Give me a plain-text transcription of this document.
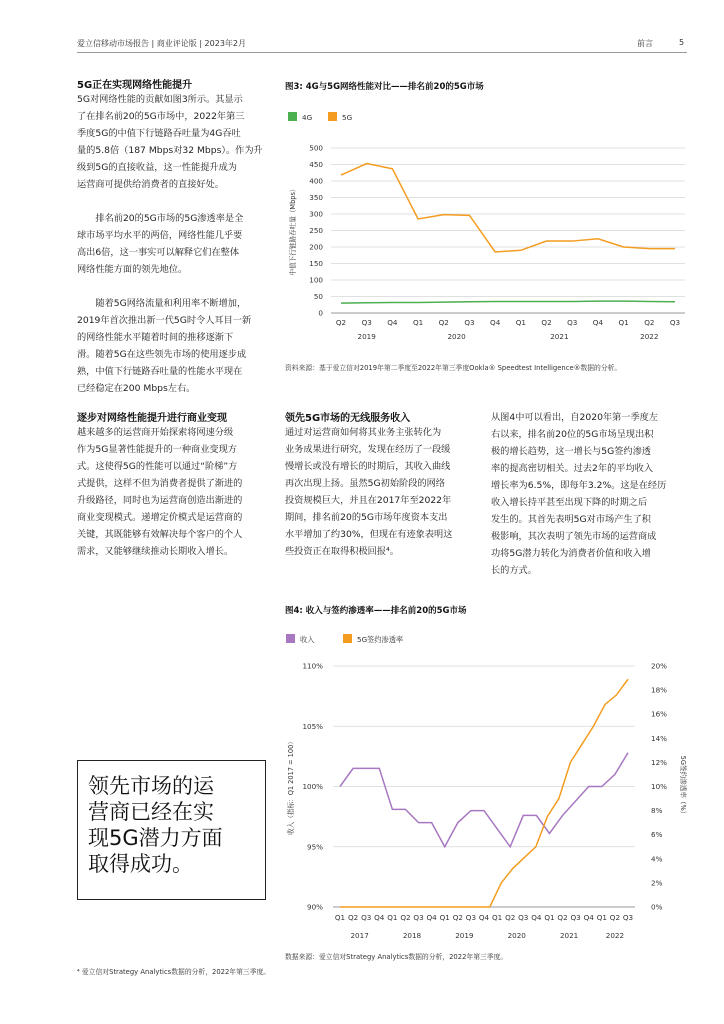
爱立信移动市场报告 | 商业评论版 | 2023年2月	前言	5
5G正在实现网络性能提升
5G对网络性能的贡献如图3所示。其显示
了在排名前20的5G市场中，2022年第三
季度5G的中值下行链路吞吐量为4G吞吐
量的5.8倍（187 Mbps对32 Mbps）。作为升
级到5G的直接收益，这一性能提升成为
运营商可提供给消费者的直接好处。
排名前20的5G市场的5G渗透率是全
球市场平均水平的两倍，网络性能几乎要
高出6倍，这一事实可以解释它们在整体
网络性能方面的领先地位。
随着5G网络流量和利用率不断增加，
2019年首次推出新一代5G时令人耳目一新
的网络性能水平随着时间的推移逐渐下
滑。随着5G在这些领先市场的使用逐步成
熟，中值下行链路吞吐量的性能水平现在
已经稳定在200 Mbps左右。
逐步对网络性能提升进行商业变现
越来越多的运营商开始探索将网速分级
作为5G显著性能提升的一种商业变现方
式。这使得5G的性能可以通过“阶梯”方
式提供，这样不但为消费者提供了渐进的
升级路径，同时也为运营商创造出渐进的
商业变现模式。递增定价模式是运营商的
关键，其既能够有效解决每个客户的个人
需求，又能够继续推动长期收入增长。
图3: 4G与5G网络性能对比——排名前20的5G市场
4G	5G
0
50
100
150
200
250
300
350
400
450
500
中值下行链路吞吐量（Mbps）
Q2 Q3 Q4 Q1 Q2 Q3 Q4 Q1 Q2 Q3 Q4 Q1 Q2 Q3
2019	2020	2021	2022
资料来源：基于爱立信对2019年第二季度至2022年第三季度Ookla® Speedtest Intelligence®数据的分析。
领先5G市场的无线服务收入
通过对运营商如何将其业务主张转化为
业务成果进行研究，发现在经历了一段缓
慢增长或没有增长的时期后，其收入曲线
再次出现上扬。虽然5G初始阶段的网络
投资规模巨大，并且在2017年至2022年
期间，排名前20的5G市场年度资本支出
水平增加了约30%，但现在有迹象表明这
些投资正在取得积极回报⁴。
从图4中可以看出，自2020年第一季度左
右以来，排名前20位的5G市场呈现出积
极的增长趋势，这一增长与5G签约渗透
率的提高密切相关。过去2年的平均收入
增长率为6.5%，即每年3.2%。这是在经历
收入增长持平甚至出现下降的时期之后
发生的。其首先表明5G对市场产生了积
极影响，其次表明了领先市场的运营商成
功将5G潜力转化为消费者价值和收入增
长的方式。
图4: 收入与签约渗透率——排名前20的5G市场
收入	5G签约渗透率
90%
95%
100%
105%
110%
0%
2%
4%
6%
8%
10%
12%
14%
16%
18%
20%
收入（指标：Q1 2017 = 100）	5G签约渗透率（%）
Q1 Q2 Q3 Q4 Q1 Q2 Q3 Q4 Q1 Q2 Q3 Q4 Q1 Q2 Q3 Q4 Q1 Q2 Q3 Q4 Q1 Q2 Q3
2017	2018	2019	2020	2021	2022
数据来源：爱立信对Strategy Analytics数据的分析，2022年第三季度。
领先市场的运
营商已经在实
现5G潜力方面
取得成功。
⁴ 爱立信对Strategy Analytics数据的分析，2022年第三季度。
